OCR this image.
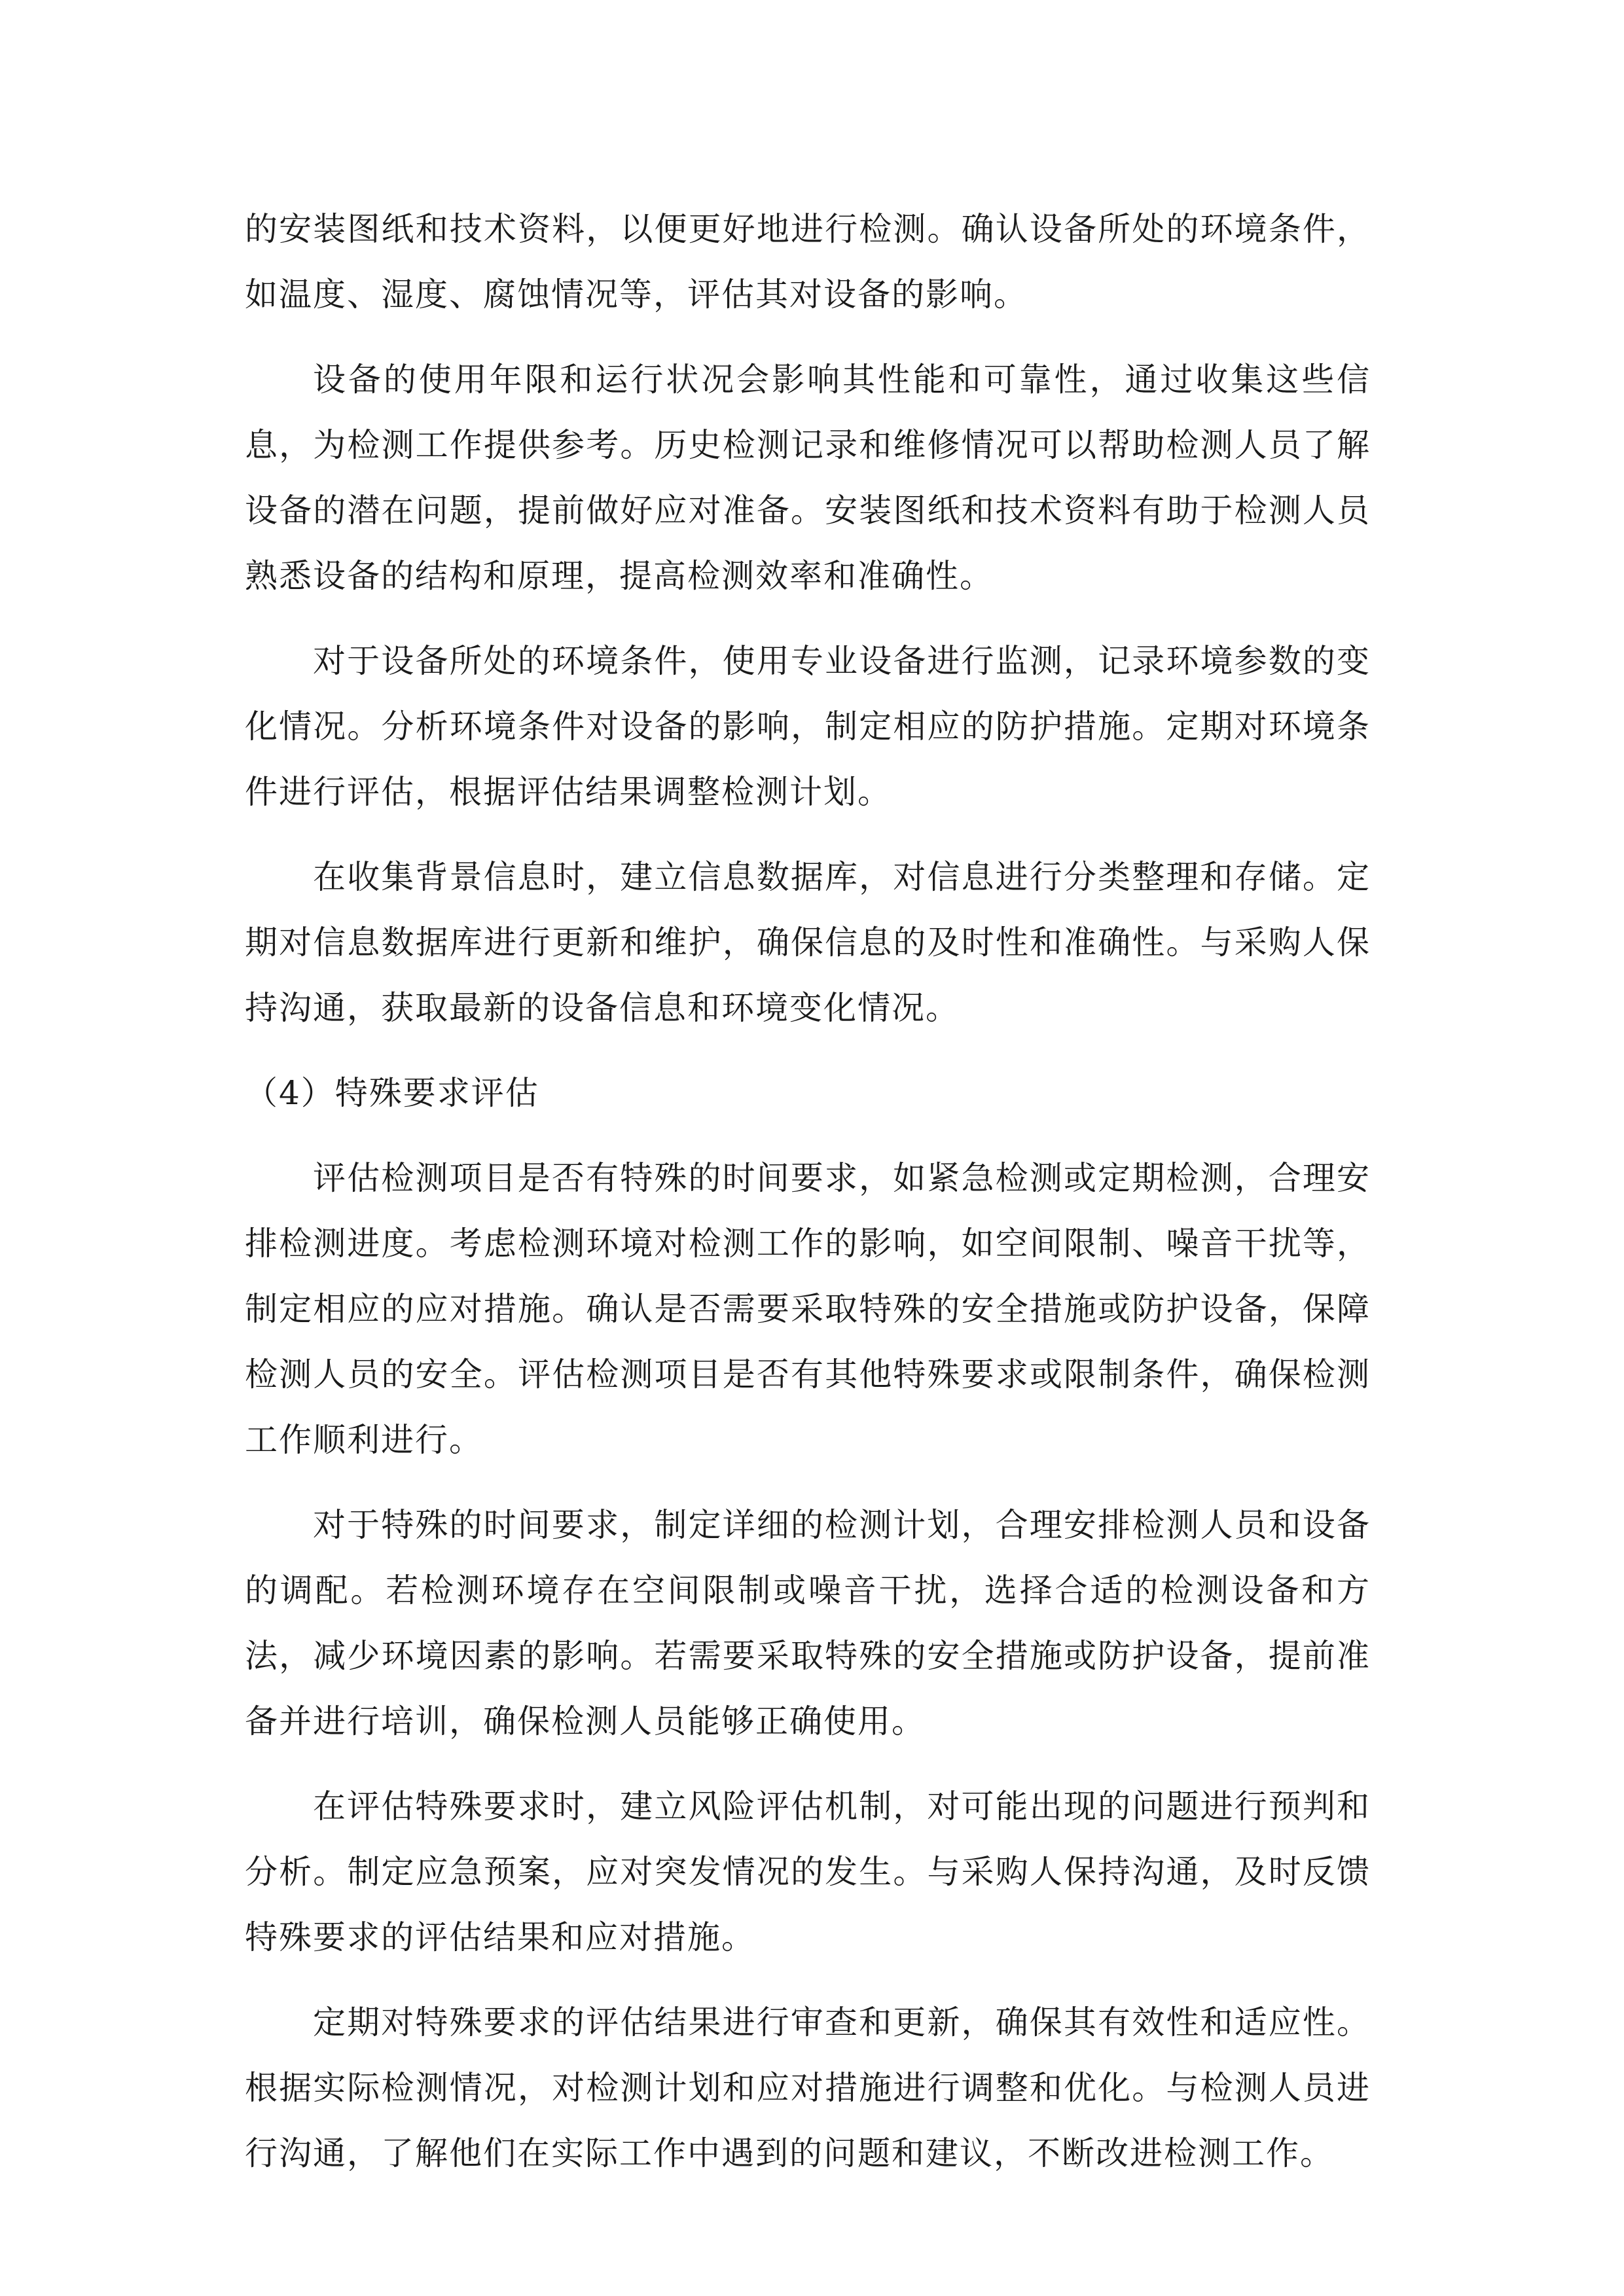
的安装图纸和技术资料，以便更好地进行检测。确认设备所处的环境条件，如温度、湿度、腐蚀情况等，评估其对设备的影响。

设备的使用年限和运行状况会影响其性能和可靠性，通过收集这些信息，为检测工作提供参考。历史检测记录和维修情况可以帮助检测人员了解设备的潜在问题，提前做好应对准备。安装图纸和技术资料有助于检测人员熟悉设备的结构和原理，提高检测效率和准确性。

对于设备所处的环境条件，使用专业设备进行监测，记录环境参数的变化情况。分析环境条件对设备的影响，制定相应的防护措施。定期对环境条件进行评估，根据评估结果调整检测计划。

在收集背景信息时，建立信息数据库，对信息进行分类整理和存储。定期对信息数据库进行更新和维护，确保信息的及时性和准确性。与采购人保持沟通，获取最新的设备信息和环境变化情况。

（4）特殊要求评估

评估检测项目是否有特殊的时间要求，如紧急检测或定期检测，合理安排检测进度。考虑检测环境对检测工作的影响，如空间限制、噪音干扰等，制定相应的应对措施。确认是否需要采取特殊的安全措施或防护设备，保障检测人员的安全。评估检测项目是否有其他特殊要求或限制条件，确保检测工作顺利进行。

对于特殊的时间要求，制定详细的检测计划，合理安排检测人员和设备的调配。若检测环境存在空间限制或噪音干扰，选择合适的检测设备和方法，减少环境因素的影响。若需要采取特殊的安全措施或防护设备，提前准备并进行培训，确保检测人员能够正确使用。

在评估特殊要求时，建立风险评估机制，对可能出现的问题进行预判和分析。制定应急预案，应对突发情况的发生。与采购人保持沟通，及时反馈特殊要求的评估结果和应对措施。

定期对特殊要求的评估结果进行审查和更新，确保其有效性和适应性。根据实际检测情况，对检测计划和应对措施进行调整和优化。与检测人员进行沟通，了解他们在实际工作中遇到的问题和建议，不断改进检测工作。
